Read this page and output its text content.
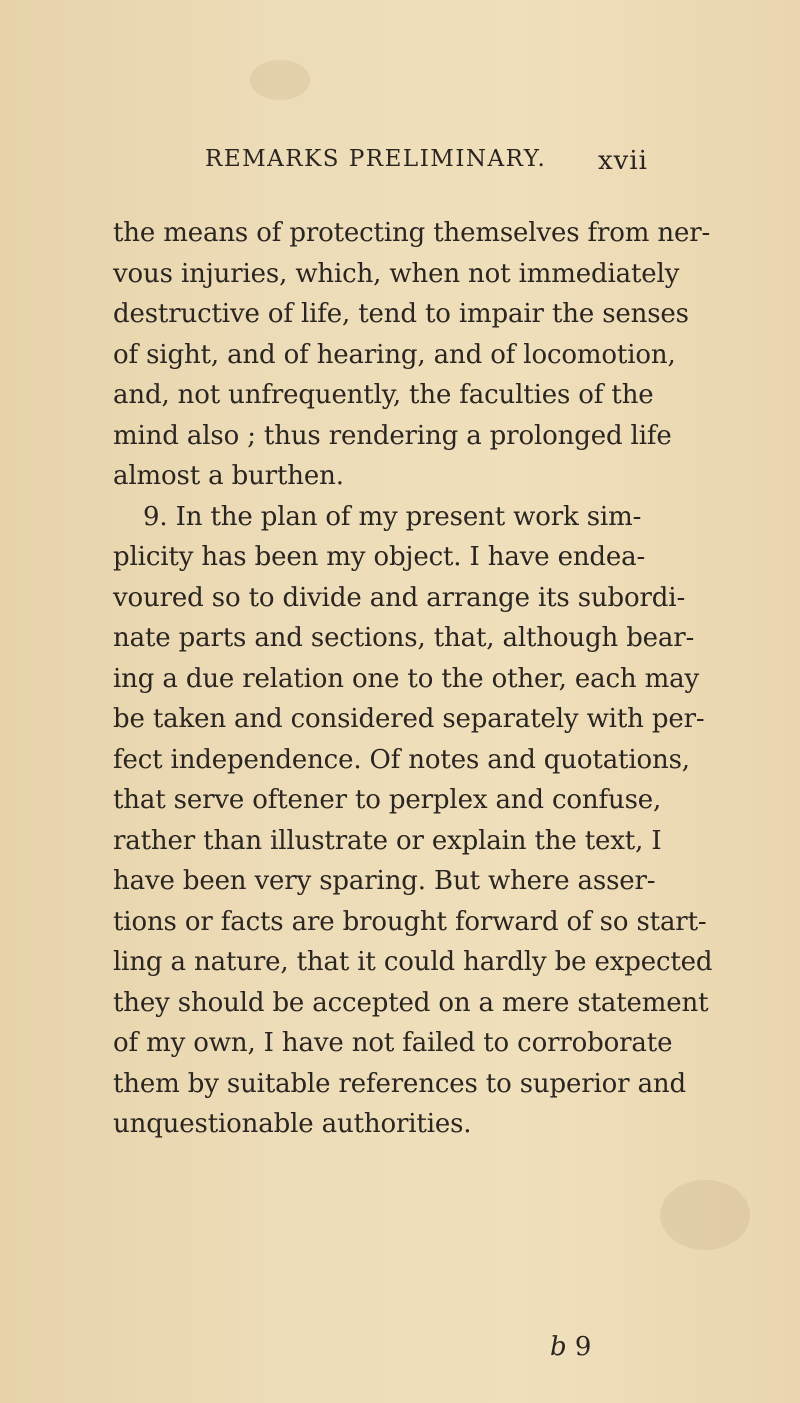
REMARKS PRELIMINARY. xvii
the means of protecting themselves from ner-
vous injuries, which, when not immediately
destructive of life, tend to impair the senses
of sight, and of hearing, and of locomotion,
and, not unfrequently, the faculties of the
mind also ; thus rendering a prolonged life
almost a burthen.
9. In the plan of my present work sim-
plicity has been my object. I have endea-
voured so to divide and arrange its subordi-
nate parts and sections, that, although bear-
ing a due relation one to the other, each may
be taken and considered separately with per-
fect independence. Of notes and quotations,
that serve oftener to perplex and confuse,
rather than illustrate or explain the text, I
have been very sparing. But where asser-
tions or facts are brought forward of so start-
ling a nature, that it could hardly be expected
they should be accepted on a mere statement
of my own, I have not failed to corroborate
them by suitable references to superior and
unquestionable authorities.
b 9
